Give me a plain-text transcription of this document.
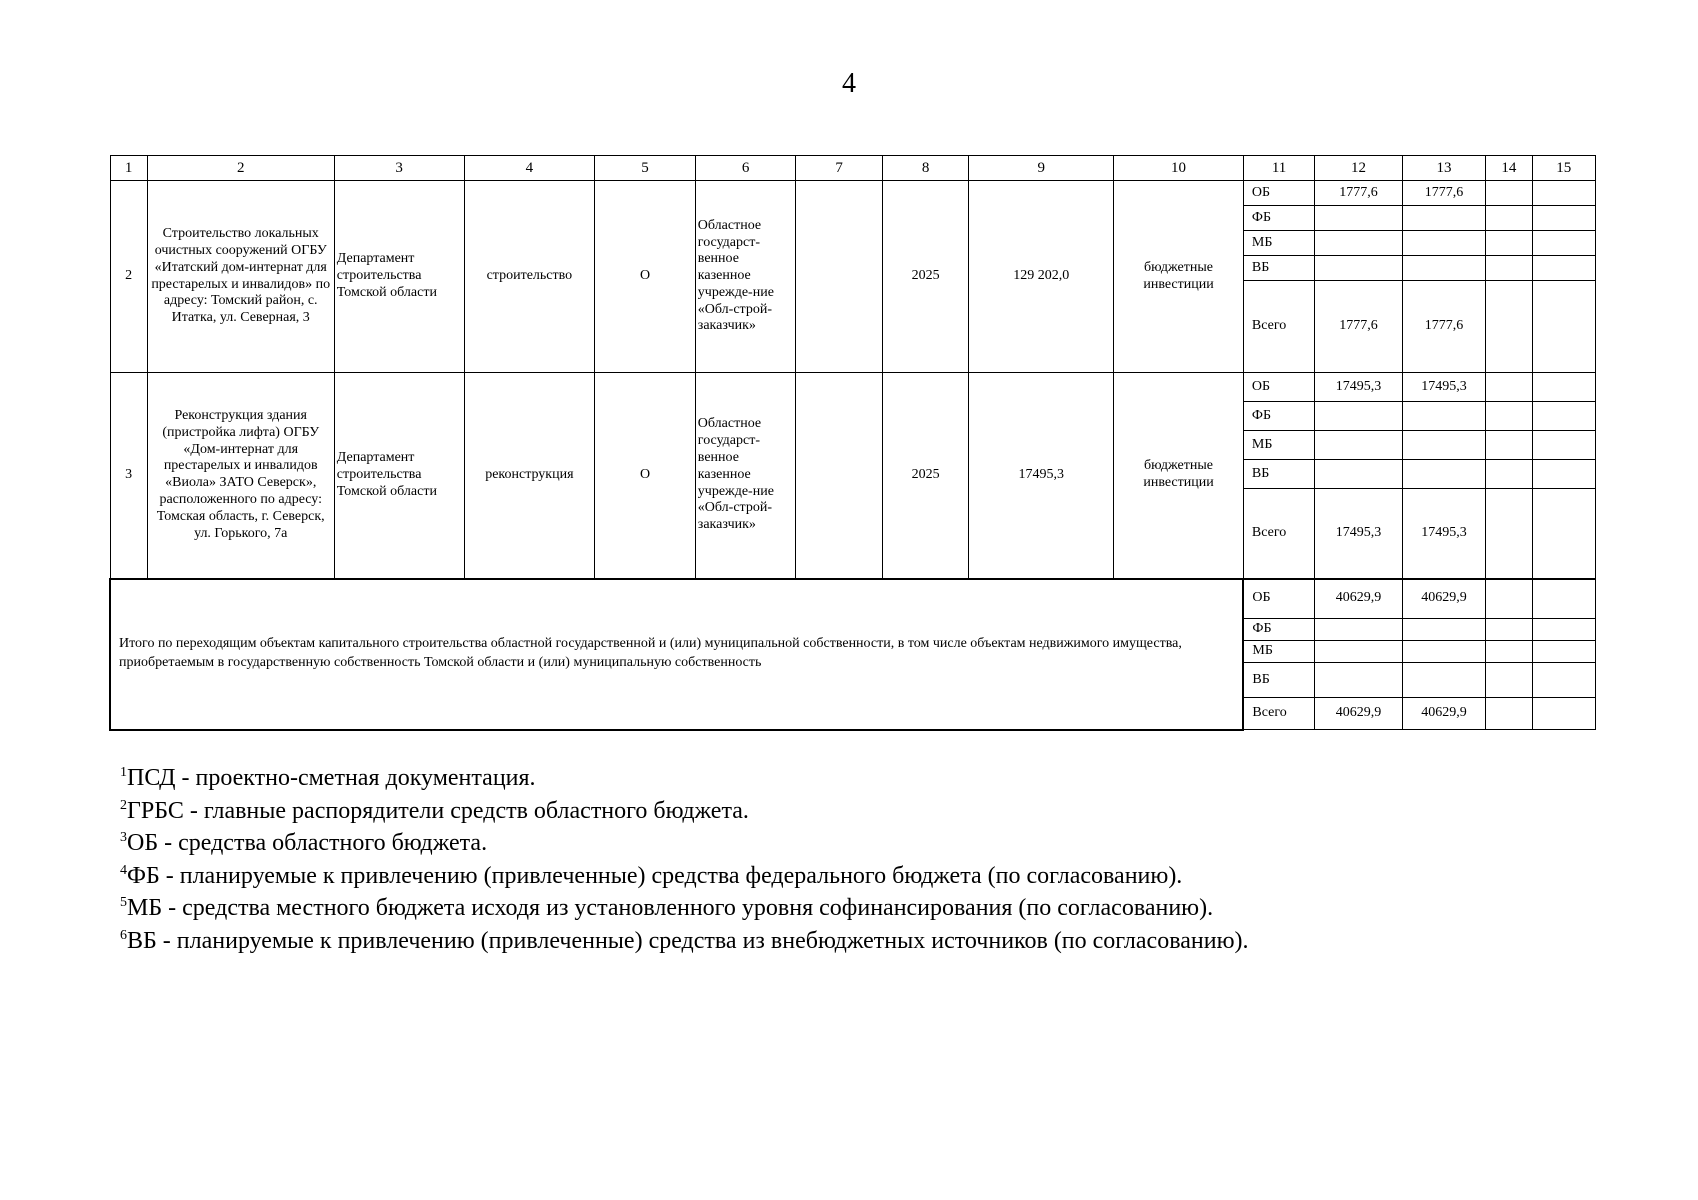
4
1	2	3	4	5	6	7	8	9	10	11	12	13	14	15
2	Строительство локальных очистных сооружений ОГБУ «Итатский дом-интернат для престарелых и инвалидов» по адресу: Томский район, с. Итатка, ул. Северная, 3	Департамент строительства Томской области	строительство	О	Областное государст-венное казенное учрежде-ние «Обл-строй-заказчик»		2025	129 202,0	бюджетные инвестиции	ОБ	1777,6	1777,6		
										ФБ				
										МБ				
										ВБ				
										Всего	1777,6	1777,6		
3	Реконструкция здания (пристройка лифта) ОГБУ «Дом-интернат для престарелых и инвалидов «Виола» ЗАТО Северск», расположенного по адресу: Томская область, г. Северск, ул. Горького, 7а	Департамент строительства Томской области	реконструкция	О	Областное государст-венное казенное учрежде-ние «Обл-строй-заказчик»		2025	17495,3	бюджетные инвестиции	ОБ	17495,3	17495,3		
										ФБ				
										МБ				
										ВБ				
										Всего	17495,3	17495,3		
Итого по переходящим объектам капитального строительства областной государственной и (или) муниципальной собственности, в том числе объектам недвижимого имущества, приобретаемым в государственную собственность Томской области и (или) муниципальную собственность										ОБ	40629,9	40629,9		
										ФБ				
										МБ				
										ВБ				
										Всего	40629,9	40629,9		
$^1$ПСД - проектно-сметная документация.
$^2$ГРБС - главные распорядители средств областного бюджета.
$^3$ОБ - средства областного бюджета.
$^4$ФБ - планируемые к привлечению (привлеченные) средства федерального бюджета (по согласованию).
$^5$МБ - средства местного бюджета исходя из установленного уровня софинансирования (по согласованию).
$^6$ВБ - планируемые к привлечению (привлеченные) средства из внебюджетных источников (по согласованию).
